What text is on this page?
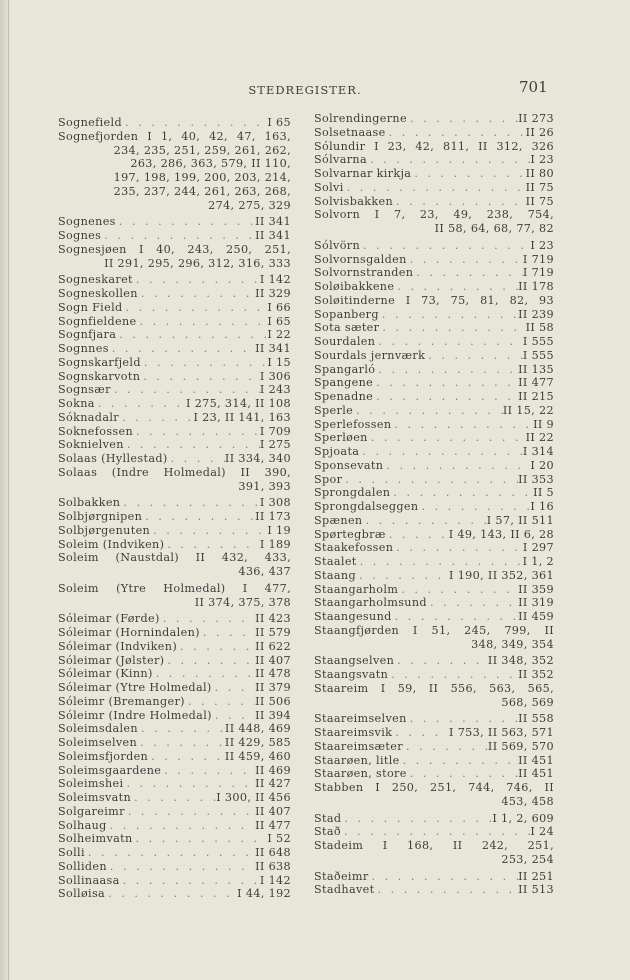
STEDREGISTER.	701
Sognefield . . .	I 65
Sognefjorden I 1, 40, 42, 47, 163,
234, 235, 251, 259, 261, 262,
263, 286, 363, 579, II 110,
197, 198, 199, 200, 203, 214,
235, 237, 244, 261, 263, 268,
274, 275, 329
Sognenes . . .	II 341
Sognes . . .	II 341
Sognesjøen I 40, 243, 250, 251,
II 291, 295, 296, 312, 316, 333
Sogneskaret . . .	I 142
Sogneskollen . . .	II 329
Sogn Field . . .	I 66
Sognfieldene . . .	I 65
Sognfjara . . .	I 22
Sognnes . . .	II 341
Sognskarfjeld . . .	I 15
Sognskarvotn . . .	I 306
Sognsær . . .	I 243
Sokna . . .	I 275, 314, II 108
Sóknadalr . . .	I 23, II 141, 163
Soknefossen . . .	I 709
Soknielven . . .	I 275
Solaas (Hyllestad) . . .	II 334, 340
Solaas (Indre Holmedal) II 390,
391, 393
Solbakken . . .	I 308
Solbjørgnipen . . .	II 173
Solbjørgenuten . . .	I 19
Soleim (Indviken) . . .	I 189
Soleim (Naustdal) II 432, 433,
436, 437
Soleim (Ytre Holmedal) I 477,
II 374, 375, 378
Sóleimar (Førde) . . .	II 423
Sóleimar (Hornindalen) . . .	II 579
Sóleimar (Indviken) . . .	II 622
Sóleimar (Jølster) . . .	II 407
Sóleimar (Kinn) . . .	II 478
Sóleimar (Ytre Holmedal) . . .	II 379
Sóleimr (Bremanger) . . .	II 506
Sóleimr (Indre Holmedal) . . .	II 394
Soleimsdalen . . .	II 448, 469
Soleimselven . . .	II 429, 585
Soleimsfjorden . . .	II 459, 460
Soleimsgaardene . . .	II 469
Soleimshei . . .	II 427
Soleimsvatn . . .	I 300, II 456
Solgareimr . . .	II 407
Solhaug . . .	II 477
Solheimvatn . . .	I 52
Solli . . .	II 648
Solliden . . .	II 638
Sollinaasa . . .	I 142
Solløisa . . .	I 44, 192
Solrendingerne . . .	II 273
Solsetnaase . . .	II 26
Sólundir I 23, 42, 811, II 312, 326
Sólvarna . . .	I 23
Solvarnar kirkja . . .	II 80
Solvi . . .	II 75
Solvisbakken . . .	II 75
Solvorn I 7, 23, 49, 238, 754,
II 58, 64, 68, 77, 82
Sólvörn . . .	I 23
Solvornsgalden . . .	I 719
Solvornstranden . . .	I 719
Soløibakkene . . .	II 178
Soløitinderne I 73, 75, 81, 82, 93
Sopanberg . . .	II 239
Sota sæter . . .	II 58
Sourdalen . . .	I 555
Sourdals jernværk . . .	I 555
Spangarló . . .	II 135
Spangene . . .	II 477
Spenadne . . .	II 215
Sperle . . .	II 15, 22
Sperlefossen . . .	II 9
Sperløen . . .	II 22
Spjoata . . .	I 314
Sponsevatn . . .	I 20
Spor . . .	II 353
Sprongdalen . . .	II 5
Sprongdalseggen . . .	I 16
Spænen . . .	I 57, II 511
Spørtegbræ . . .	I 49, 143, II 6, 28
Staakefossen . . .	I 297
Staalet . . .	I 1, 2
Staang . . .	I 190, II 352, 361
Staangarholm . . .	II 359
Staangarholmsund . . .	II 319
Staangesund . . .	II 459
Staangfjørden I 51, 245, 799, II
348, 349, 354
Staangselven . . .	II 348, 352
Staangsvatn . . .	II 352
Staareim I 59, II 556, 563, 565,
568, 569
Staareimselven . . .	II 558
Staareimsvik . . .	I 753, II 563, 571
Staareimsæter . . .	II 569, 570
Staarøen, litle . . .	II 451
Staarøen, store . . .	II 451
Stabben I 250, 251, 744, 746, II
453, 458
Stad . . .	I 1, 2, 609
Stað . . .	I 24
Stadeim I 168, II 242, 251,
253, 254
Staðeimr . . .	II 251
Stadhavet . . .	II 513
